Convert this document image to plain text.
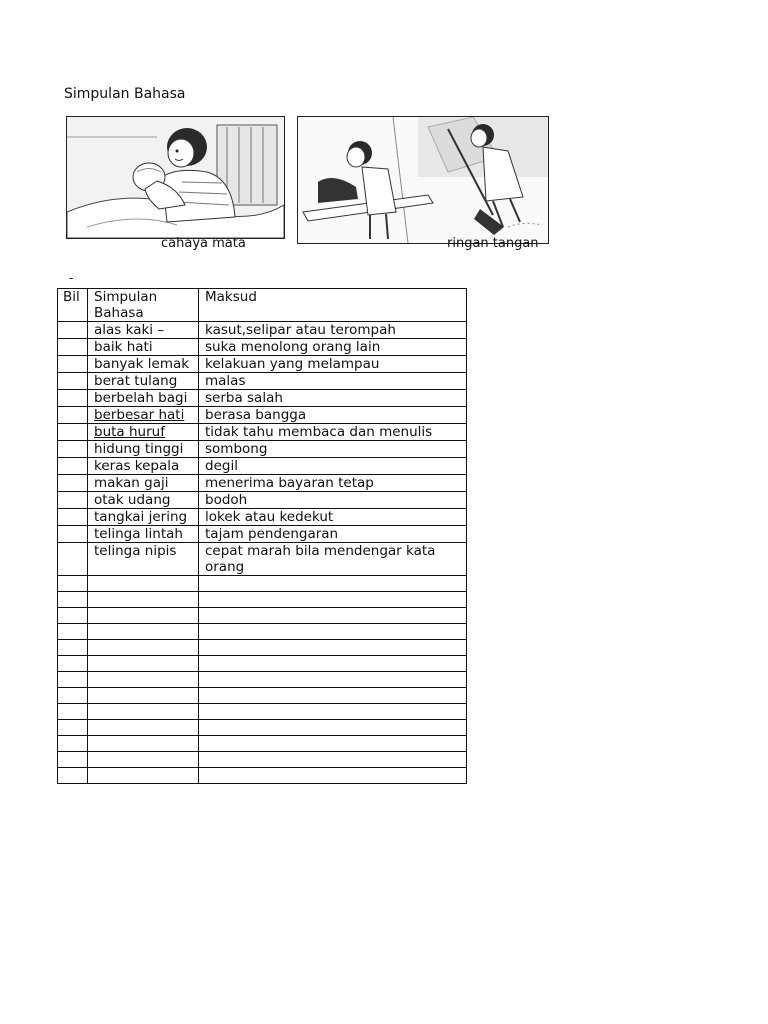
Simpulan Bahasa
cahaya mata	ringan tangan
-
Bil	Simpulan Bahasa	Maksud
	alas kaki –	kasut,selipar atau terompah
	baik hati	suka menolong orang lain
	banyak lemak	kelakuan yang melampau
	berat tulang	malas
	berbelah bagi	serba salah
	berbesar hati	berasa bangga
	buta huruf	tidak tahu membaca dan menulis
	hidung tinggi	sombong
	keras kepala	degil
	makan gaji	menerima bayaran tetap
	otak udang	bodoh
	tangkai jering	lokek atau kedekut
	telinga lintah	tajam pendengaran
	telinga nipis	cepat marah bila mendengar kata orang
